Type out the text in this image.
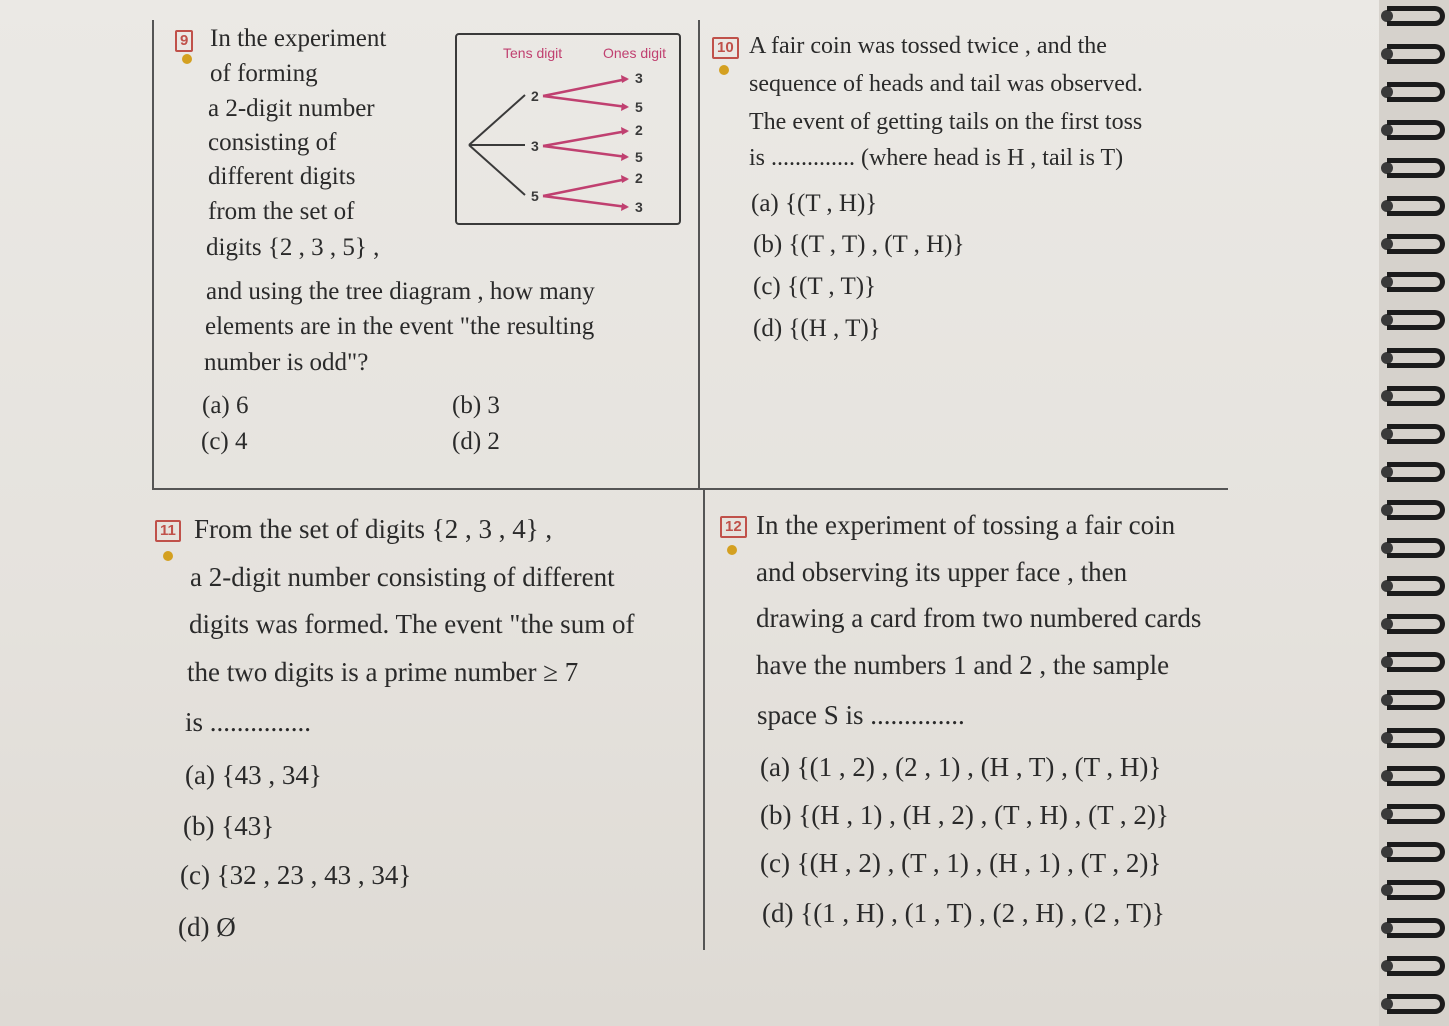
9 In the experiment
of forming
a 2-digit number
consisting of
different digits
from the set of
digits {2 , 3 , 5} ,
and using the tree diagram , how many
elements are in the event "the resulting
number is odd"?
(a) 6	(b) 3
(c) 4	(d) 2
Tens digit	Ones digit
2
3
5
3
5
2
5
2
3
10 A fair coin was tossed twice , and the
sequence of heads and tail was observed.
The event of getting tails on the first toss
is .............. (where head is H , tail is T)
(a) {(T , H)}
(b) {(T , T) , (T , H)}
(c) {(T , T)}
(d) {(H , T)}
11 From the set of digits {2 , 3 , 4} ,
a 2-digit number consisting of different
digits was formed. The event "the sum of
the two digits is a prime number ≥ 7
is ...............
(a) {43 , 34}
(b) {43}
(c) {32 , 23 , 43 , 34}
(d) Ø
12 In the experiment of tossing a fair coin
and observing its upper face , then
drawing a card from two numbered cards
have the numbers 1 and 2 , the sample
space S is ..............
(a) {(1 , 2) , (2 , 1) , (H , T) , (T , H)}
(b) {(H , 1) , (H , 2) , (T , H) , (T , 2)}
(c) {(H , 2) , (T , 1) , (H , 1) , (T , 2)}
(d) {(1 , H) , (1 , T) , (2 , H) , (2 , T)}
